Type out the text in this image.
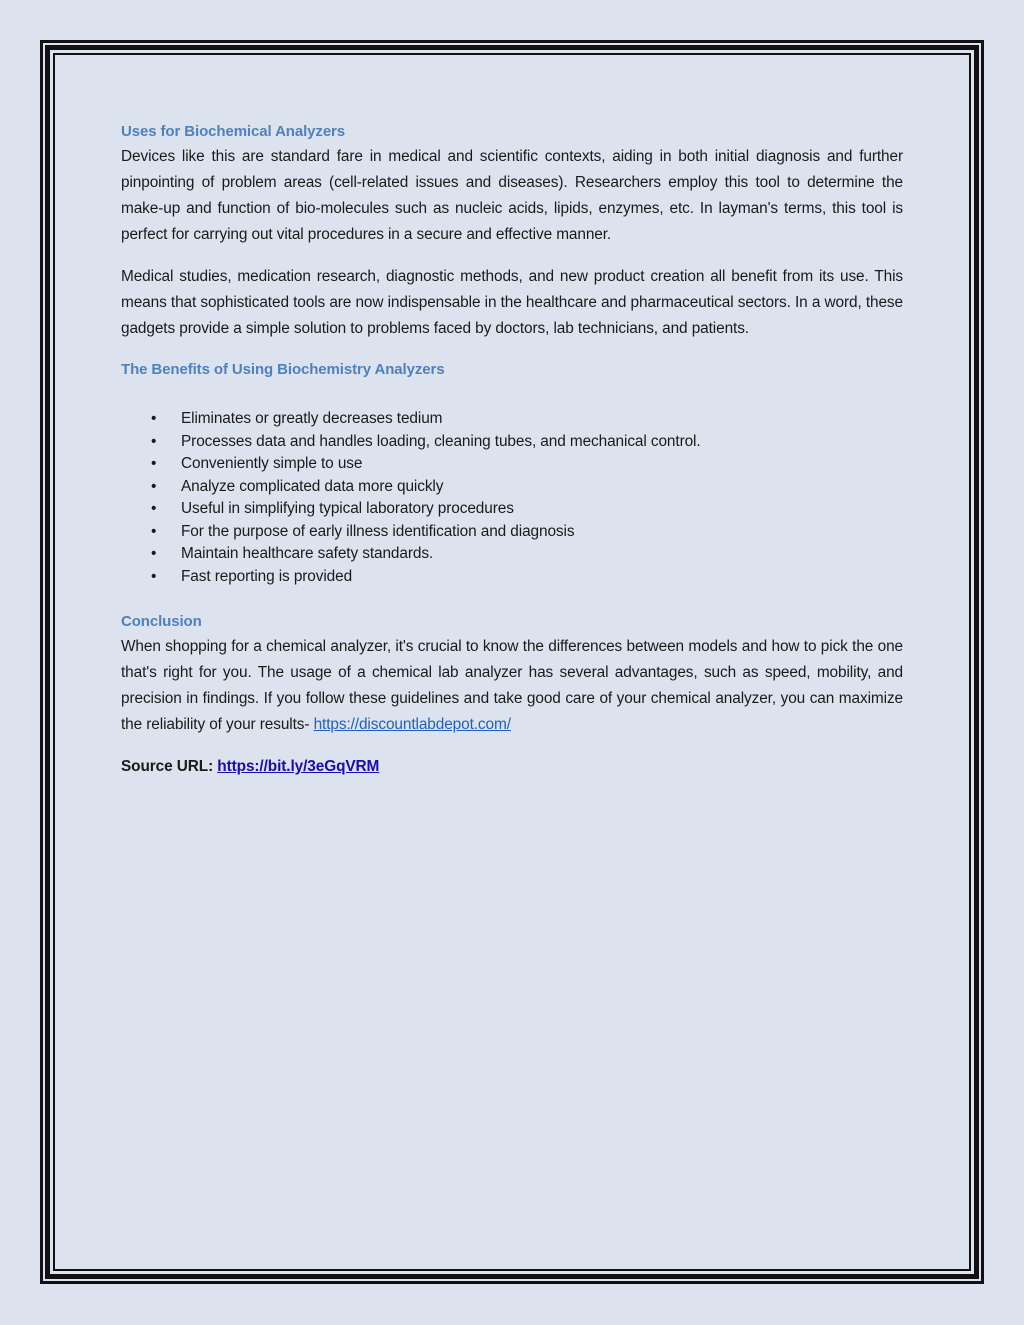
Uses for Biochemical Analyzers

Devices like this are standard fare in medical and scientific contexts, aiding in both initial diagnosis and further pinpointing of problem areas (cell-related issues and diseases). Researchers employ this tool to determine the make-up and function of bio-molecules such as nucleic acids, lipids, enzymes, etc. In layman's terms, this tool is perfect for carrying out vital procedures in a secure and effective manner.

Medical studies, medication research, diagnostic methods, and new product creation all benefit from its use. This means that sophisticated tools are now indispensable in the healthcare and pharmaceutical sectors. In a word, these gadgets provide a simple solution to problems faced by doctors, lab technicians, and patients.

The Benefits of Using Biochemistry Analyzers
• Eliminates or greatly decreases tedium
• Processes data and handles loading, cleaning tubes, and mechanical control.
• Conveniently simple to use
• Analyze complicated data more quickly
• Useful in simplifying typical laboratory procedures
• For the purpose of early illness identification and diagnosis
• Maintain healthcare safety standards.
• Fast reporting is provided
Conclusion

When shopping for a chemical analyzer, it's crucial to know the differences between models and how to pick the one that's right for you. The usage of a chemical lab analyzer has several advantages, such as speed, mobility, and precision in findings. If you follow these guidelines and take good care of your chemical analyzer, you can maximize the reliability of your results- https://discountlabdepot.com/

Source URL: https://bit.ly/3eGqVRM
